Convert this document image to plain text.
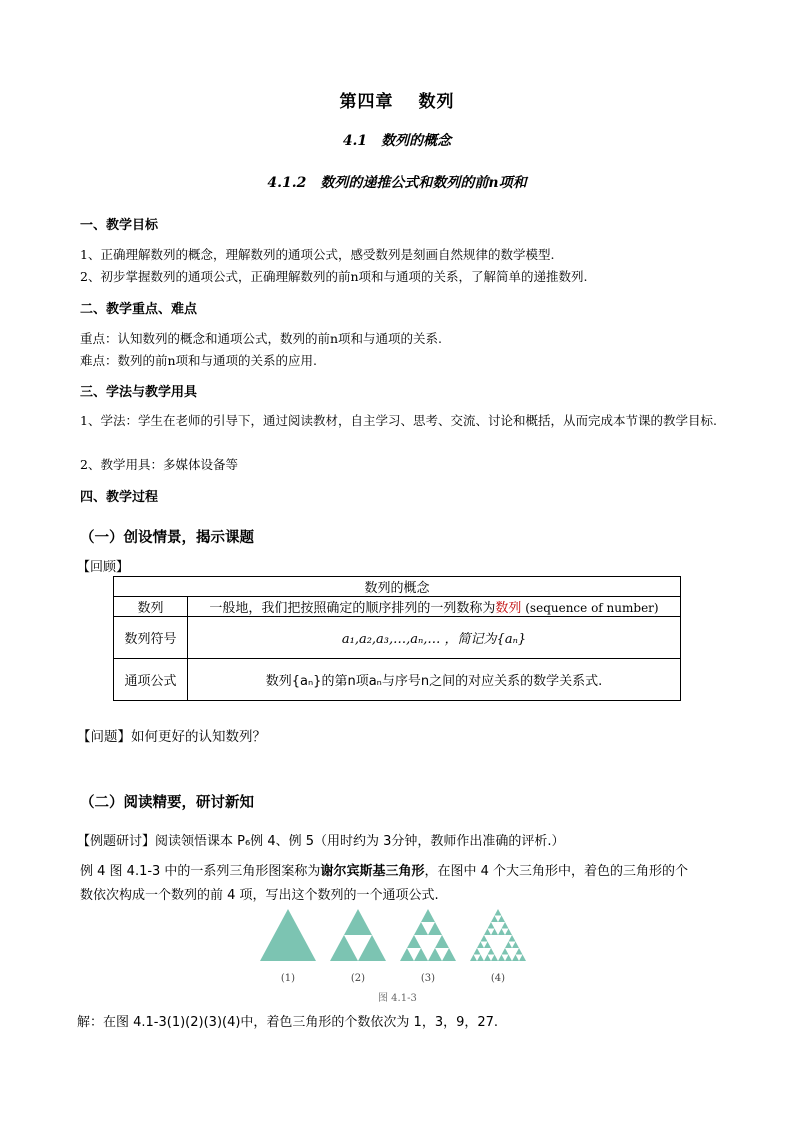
第四章　 数列
4.1　数列的概念
4.1.2　数列的递推公式和数列的前n项和
一、教学目标
1、正确理解数列的概念，理解数列的通项公式，感受数列是刻画自然规律的数学模型.
2、初步掌握数列的通项公式，正确理解数列的前n项和与通项的关系，了解简单的递推数列.
二、教学重点、难点
重点：认知数列的概念和通项公式，数列的前n项和与通项的关系.
难点：数列的前n项和与通项的关系的应用.
三、学法与教学用具
1、学法：学生在老师的引导下，通过阅读教材，自主学习、思考、交流、讨论和概括，从而完成本节课的教学目标.
2、教学用具：多媒体设备等
四、教学过程
（一）创设情景，揭示课题
【回顾】
数列的概念	
数列	一般地，我们把按照确定的顺序排列的一列数称为数列 (sequence of number)
数列符号	a₁,a₂,a₃,…,aₙ,… ，简记为{aₙ}
通项公式	数列{aₙ}的第n项aₙ与序号n之间的对应关系的数学关系式.
【问题】如何更好的认知数列？
（二）阅读精要，研讨新知
【例题研讨】阅读领悟课本 P₆例 4、例 5（用时约为 3分钟，教师作出准确的评析.）
例 4 图 4.1-3 中的一系列三角形图案称为谢尔宾斯基三角形，在图中 4 个大三角形中，着色的三角形的个
数依次构成一个数列的前 4 项，写出这个数列的一个通项公式.
(1)	(2)	(3)	(4)
图 4.1-3
解：在图 4.1-3(1)(2)(3)(4)中，着色三角形的个数依次为 1，3，9，27.
